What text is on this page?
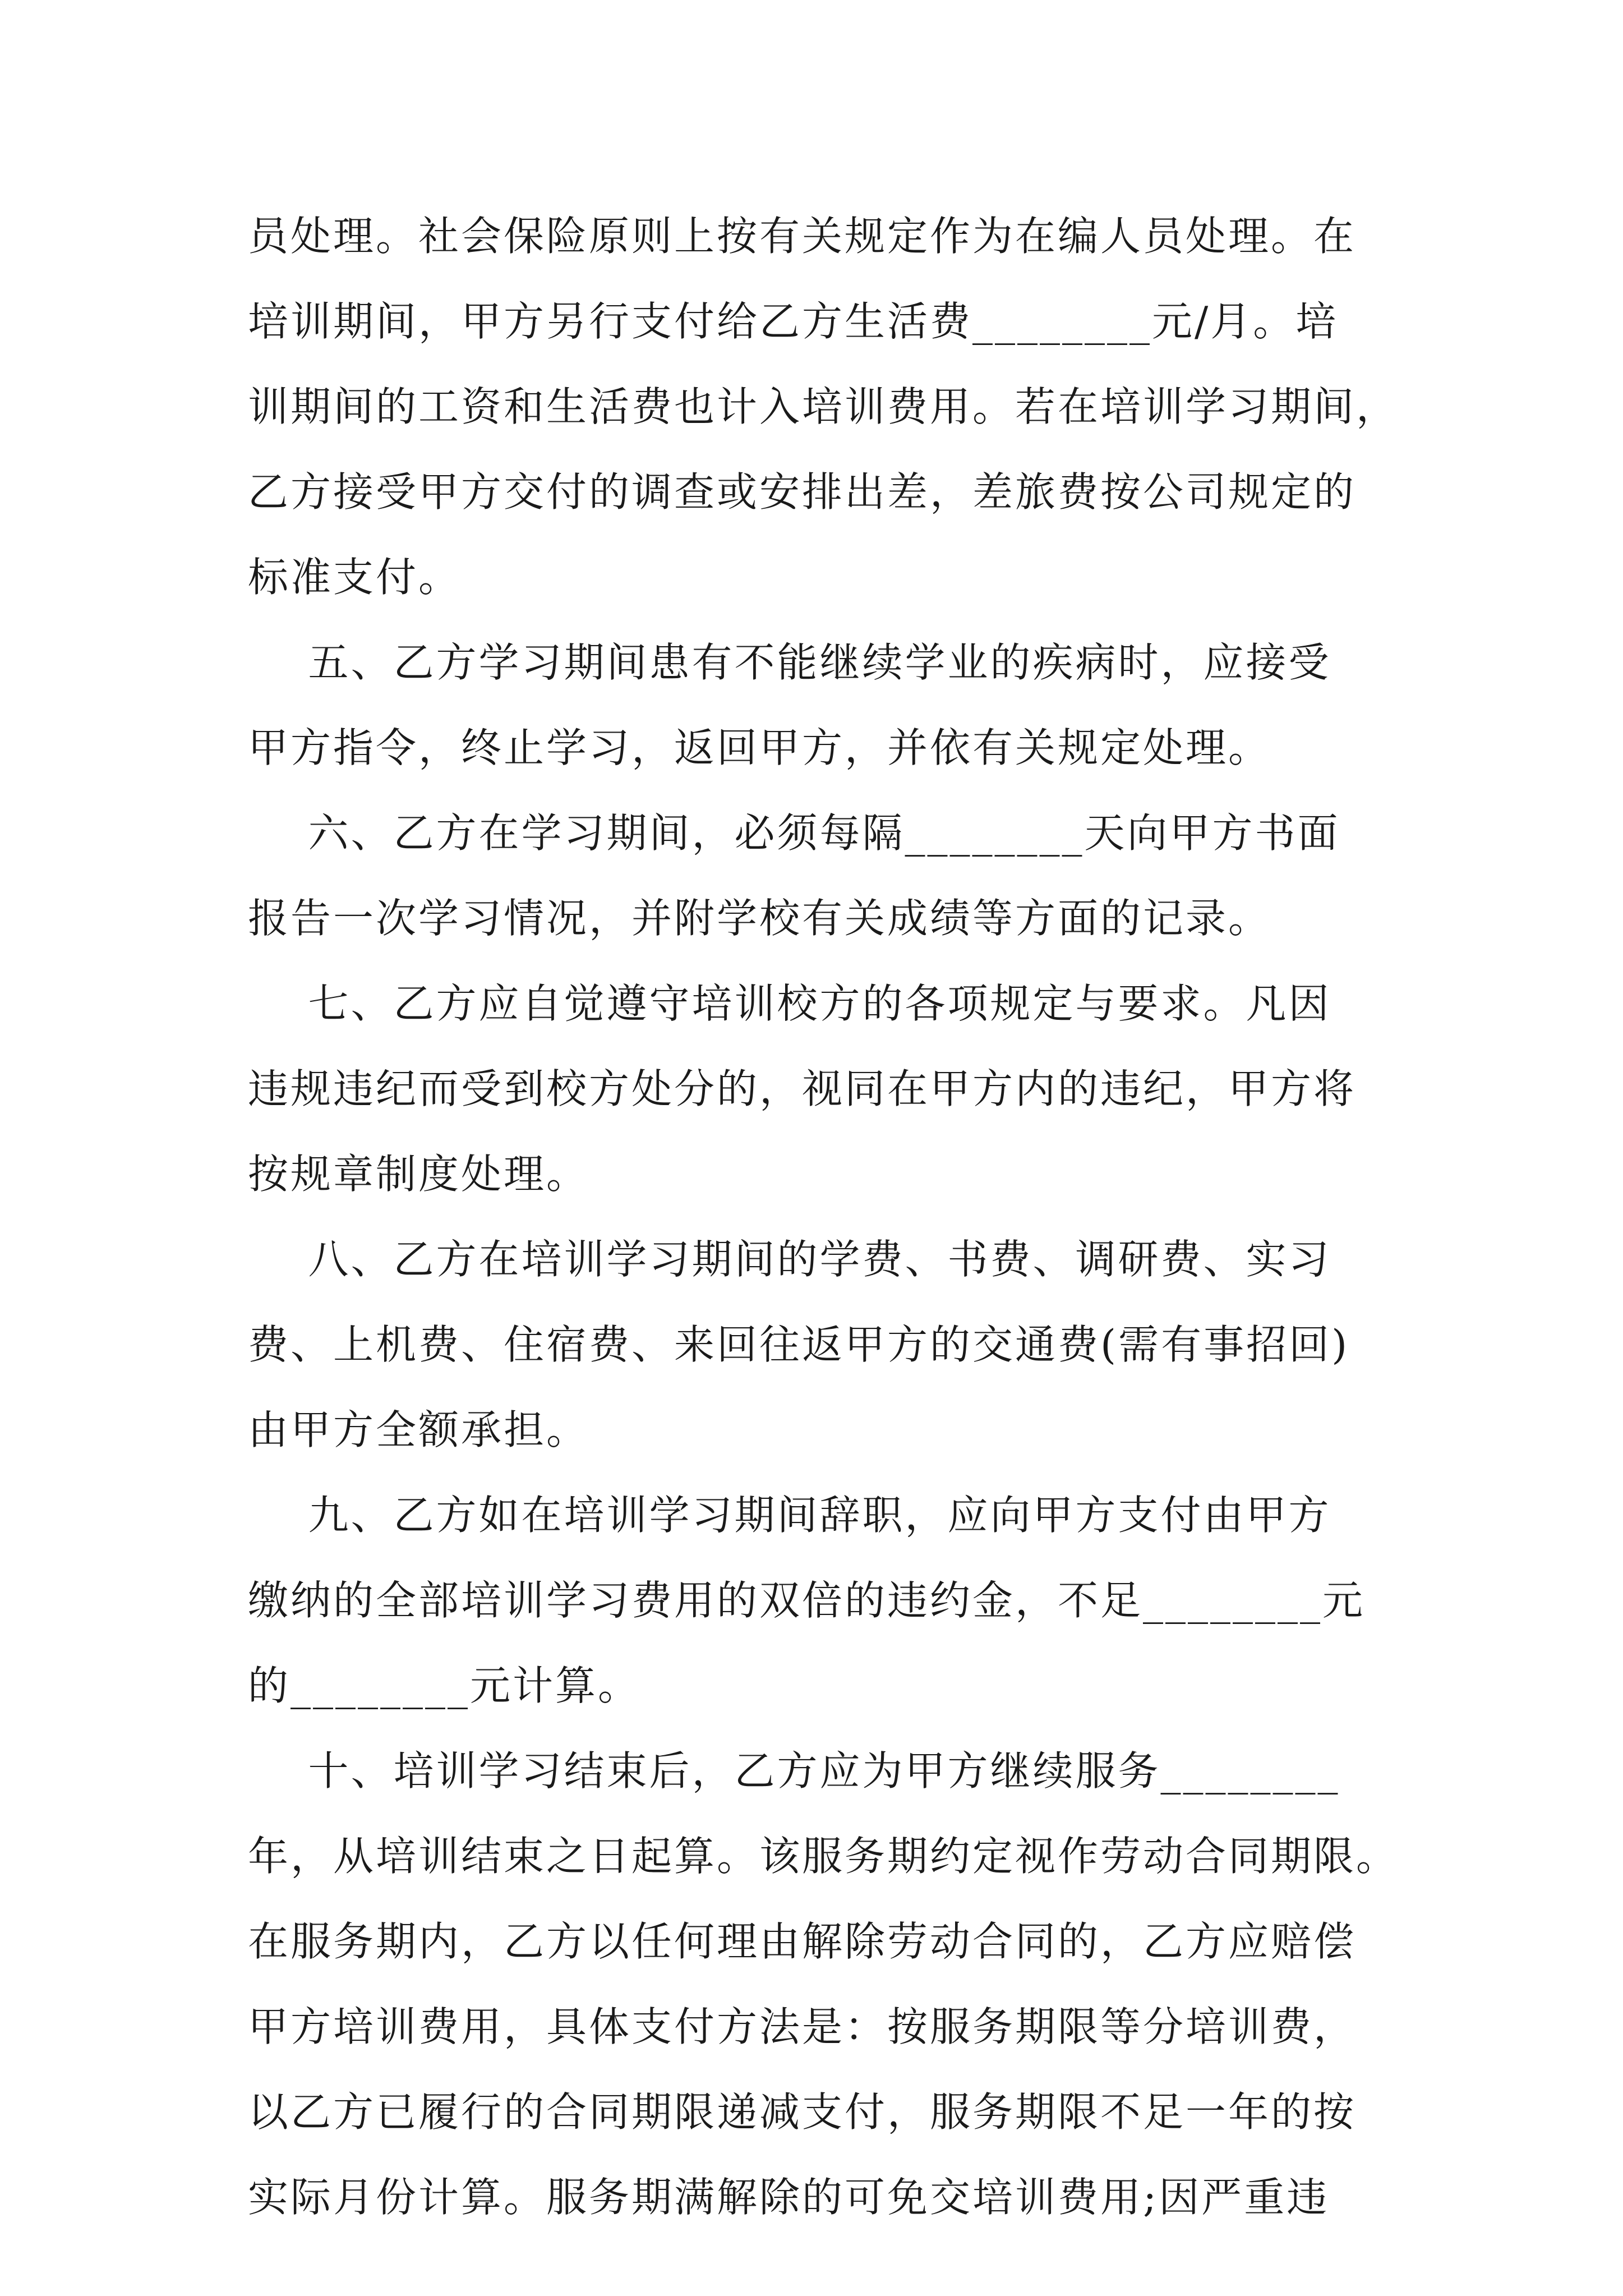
员处理。社会保险原则上按有关规定作为在编人员处理。在
培训期间，甲方另行支付给乙方生活费________元/月。培
训期间的工资和生活费也计入培训费用。若在培训学习期间，
乙方接受甲方交付的调查或安排出差，差旅费按公司规定的
标准支付。
五、乙方学习期间患有不能继续学业的疾病时，应接受
甲方指令，终止学习，返回甲方，并依有关规定处理。
六、乙方在学习期间，必须每隔________天向甲方书面
报告一次学习情况，并附学校有关成绩等方面的记录。
七、乙方应自觉遵守培训校方的各项规定与要求。凡因
违规违纪而受到校方处分的，视同在甲方内的违纪，甲方将
按规章制度处理。
八、乙方在培训学习期间的学费、书费、调研费、实习
费、上机费、住宿费、来回往返甲方的交通费(需有事招回)
由甲方全额承担。
九、乙方如在培训学习期间辞职，应向甲方支付由甲方
缴纳的全部培训学习费用的双倍的违约金，不足________元
的________元计算。
十、培训学习结束后，乙方应为甲方继续服务________
年，从培训结束之日起算。该服务期约定视作劳动合同期限。
在服务期内，乙方以任何理由解除劳动合同的，乙方应赔偿
甲方培训费用，具体支付方法是：按服务期限等分培训费，
以乙方已履行的合同期限递减支付，服务期限不足一年的按
实际月份计算。服务期满解除的可免交培训费用;因严重违
